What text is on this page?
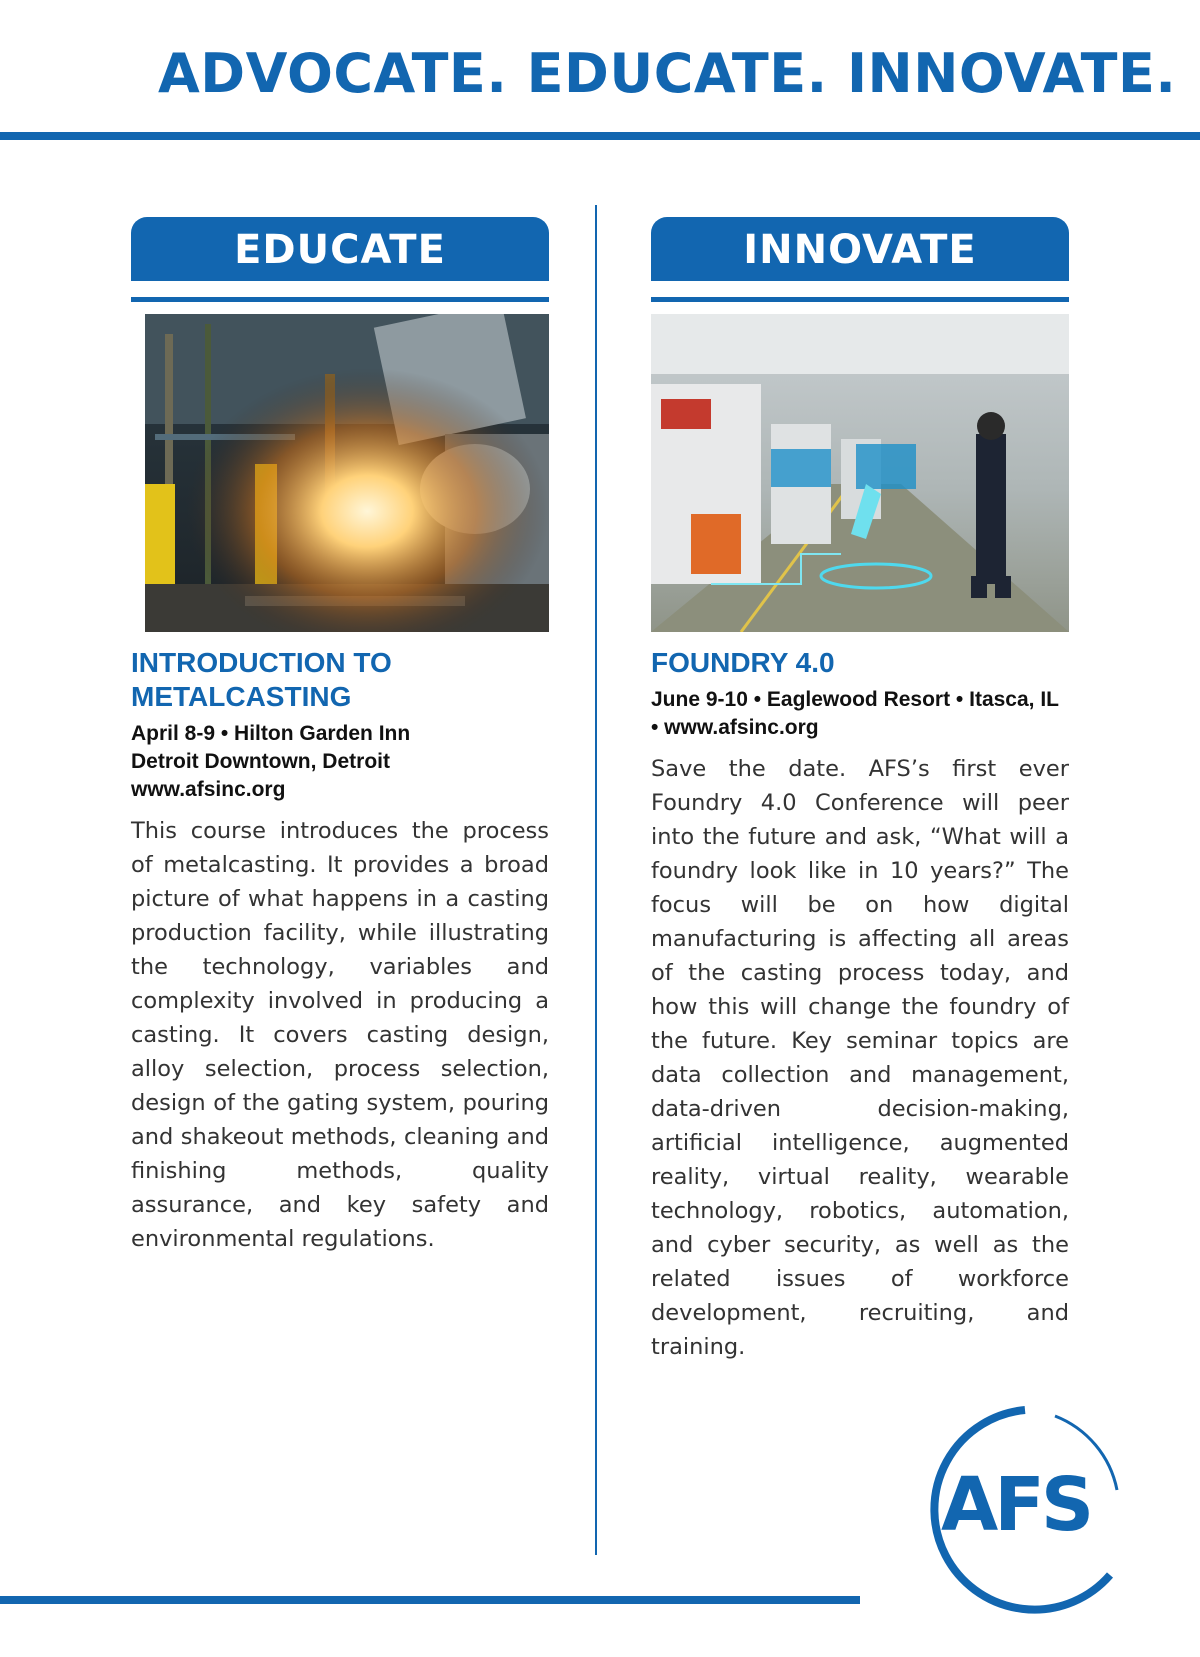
ADVOCATE. EDUCATE. INNOVATE.
EDUCATE
INTRODUCTION TO METALCASTING
April 8-9 • Hilton Garden Inn
Detroit Downtown, Detroit
www.afsinc.org
This course introduces the process of metalcasting. It provides a broad picture of what happens in a casting production facility, while illustrating the technology, variables and complexity involved in producing a casting. It covers casting design, alloy selection, process selection, design of the gating system, pouring and shakeout methods, cleaning and finishing methods, quality assurance, and key safety and environmental regulations.
INNOVATE
FOUNDRY 4.0
June 9-10 • Eaglewood Resort • Itasca, IL • www.afsinc.org
Save the date. AFS’s first ever Foundry 4.0 Conference will peer into the future and ask, “What will a foundry look like in 10 years?” The focus will be on how digital manufacturing is affecting all areas of the casting process today, and how this will change the foundry of the future. Key seminar topics are data collection and management, data-driven decision-making, artificial intelligence, augmented reality, virtual reality, wearable technology, robotics, automation, and cyber security, as well as the related issues of workforce development, recruiting, and training.
AFS
